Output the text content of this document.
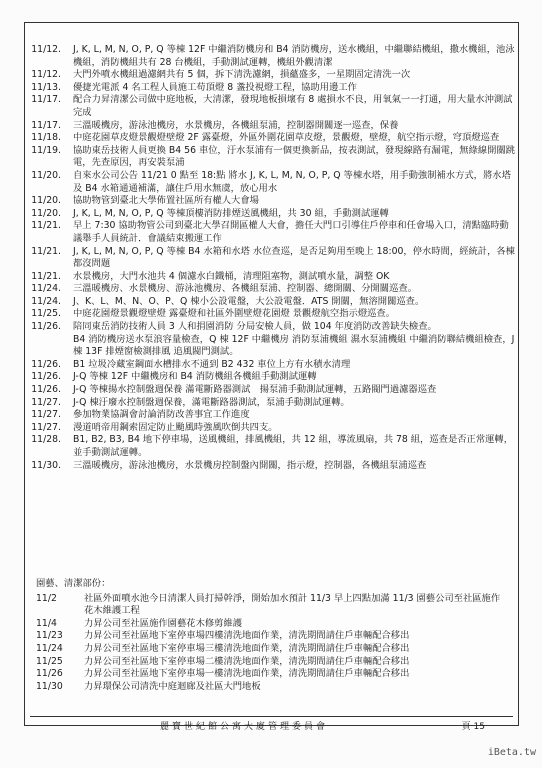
11/12.	J, K, L, M, N, O, P, Q 等棟 12F 中繼消防機房和 B4 消防機房，送水機組，中繼聯結機組，撒水機組，池泳機組，消防機組共有 28 台機組，手動測試運轉，機組外觀清潔
11/12.	大門外噴水機組過濾網共有 5 個，拆下清洗濾網，損蘊盛多，一星期固定清洗一次
11/13.	優捷光電派 4 名工程人員施工苟頂燈 8 盞投視燈工程，協助用邊工作
11/17.	配合力昇清潔公司做中庭地板，大清潔，發現地板損壞有 8 處損水不良，用氧氣一一打通，用大量水沖測試完成
11/17.	三溫暖機房，游泳池機房，水景機房，各機組泵浦，控制器開關逐一巡查，保養
11/18.	中庭花園草皮燈景觀燈壁燈 2F 露臺燈，外區外圍花園草皮燈，景觀燈，壁燈，航空指示燈，穹頂燈巡查
11/19.	協助東岳技術人員更換 B4 56 車位，汙水泵浦有一個更換新品，按表測試，發現線路有漏電，無綠線開關跳電，先查原因，再安裝泵浦
11/20.	自來水公司公告 11/21 0 點至 18:點 將水 J, K, L, M, N, O, P, Q 等棟水塔，用手動強制補水方式，將水塔及 B4 水箱通通補滿，讓住戶用水無虞，放心用水
11/20.	協助物管到臺北大學佈置社區所有權人大會場
11/20.	J, K, L, M, N, O, P, Q 等棟頂樓消防排煙送風機組，共 30 組，手動測試運轉
11/21.	早上 7:30 協助物管公司到臺北大學召開區權人大會，擔任大門口引導住戶停車和任會場入口，清點臨時動議舉手人員統計．會議結束搬運工作
11/21.	J, K, L, M, N, O, P, Q 等棟 B4 水箱和水塔 水位查巡，是否足夠用至晚上 18:00，停水時間，經統計，各棟都沒問題
11/21.	水景機房，大門水池共 4 個濾水白鐵桶，清理阻塞物，測試噴水量，調整 OK
11/24.	三溫暖機房、水景機房、游泳池機房、各機組泵浦、控制器、總開關、分開關巡查。
11/24.	J、K、L、M、N、O、P、Q 棟小公設電盤，大公設電盤．ATS 開關，無溶開關巡查。
11/25.	中庭花園燈景觀燈壁燈 露臺燈和社區外圍壁燈花園燈 景觀燈航空指示燈巡查。
11/26.	陪同東岳消防技術人員 3 人和捐園消防 分局安檢人員，做 104 年度消防改善缺失檢查。
B4 消防機房送水泵浪容量檢查，Q 棟 12F 中繼機房 消防泵浦機組 濕水泵浦機組 中繼消防聯結機組檢查，J 棟 13F 排煙窗檢測排風 追風閥門測試。
11/26.	B1 垃圾冷藏室鋼面水槽排水不通到 B2 432 車位上方有水積水清理
11/26.	J-Q 等棟 12F 中繼機房和 B4 消防機組各機組手動測試運轉
11/26.	J-Q 等棟揚水控制盤週保養 滿電斷路器測試　揚泵浦手動測試運轉，五路閥門過濾器巡查
11/27.	J-Q 棟汙廢水控制盤週保養，滿電斷路器測試，泵浦手動測試運轉。
11/27.	參加物業協調會討論消防改善事宜工作進度
11/27.	漫道哨帝用鋼索固定防止颱風時強風吹倒共四支。
11/28.	B1, B2, B3, B4 地下停車場，送風機組，排風機組，共 12 組，導流風扇，共 78 組，巡查是否正常運轉，並手動測試運轉。
11/30.	三溫暖機房，游泳池機房，水景機房控制盤內開關，指示燈，控制器，各機組泵浦巡查
園藝、清潔部份：
11/2	社區外面噴水池今日清潔人員打掃幹淨，開始加水預計 11/3 早上四點加滿 11/3 園藝公司至社區施作花木維護工程
11/4	力昇公司至社區施作園藝花木修剪維護
11/23	力昇公司至社區地下室停車場四樓清洗地面作業，清洗期間請住戶車輛配合移出
11/24	力昇公司至社區地下室停車場三樓清洗地面作業，清洗期間請住戶車輛配合移出
11/25	力昇公司至社區地下室停車場二樓清洗地面作業，清洗期間請住戶車輛配合移出
11/26	力昇公司至社區地下室停車場一樓清洗地面作業，清洗期間請住戶車輛配合移出
11/30	力昇環保公司清洗中庭迴廊及社區大門地板
麗寶世紀館公寓大廈管理委員會	頁 15
iBeta.tw
